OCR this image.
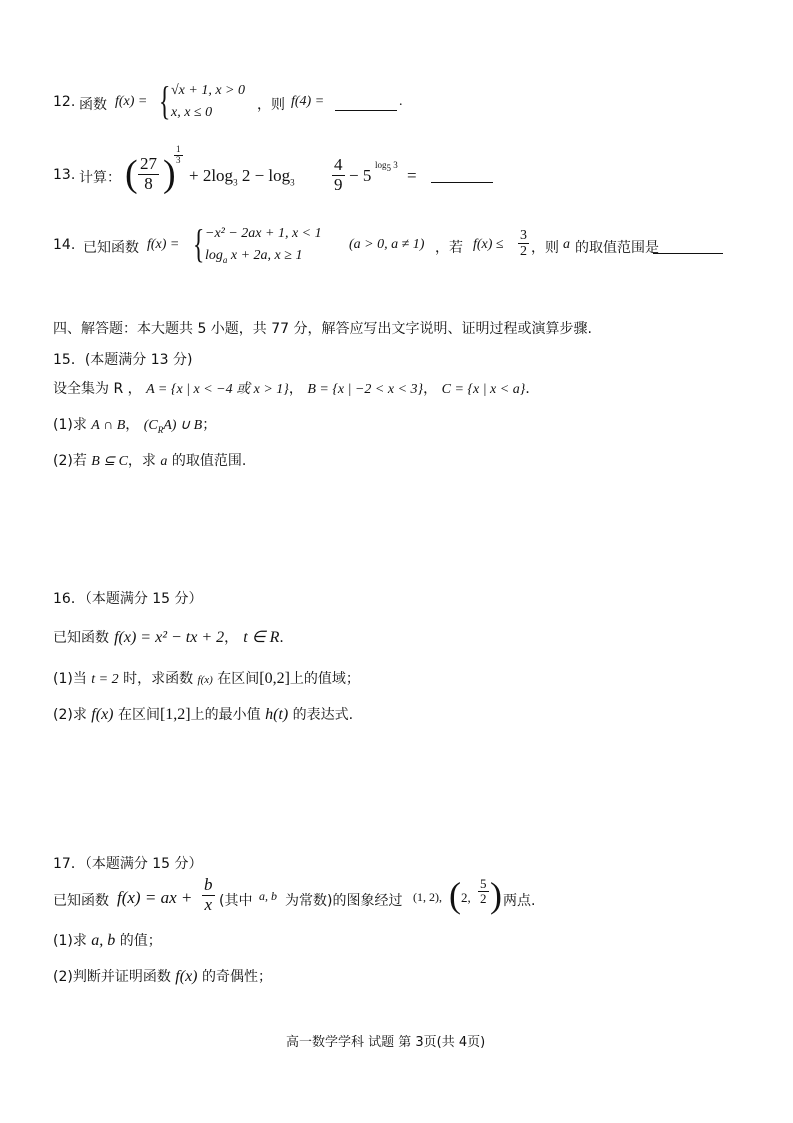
12. 函数 f(x) = { √x + 1, x > 0
x, x ≤ 0	，则 f(4) =	.
13. 计算： ( $\frac{27}{8}$ )
$\frac{1}{3}$
+ $2\log_3$ $2 - \log_3 \frac{4}{9} - 5$
$\log_5 3$
=
14. 已知函数 f(x) = { −x² − 2ax + 1, x < 1
$\log_a x + 2a$, x ≥ 1
(a > 0, a ≠ 1) ，若 $f(x) \le \frac{3}{2}$ ，则 a 的取值范围是
四、解答题：本大题共 5 小题，共 77 分，解答应写出文字说明、证明过程或演算步骤.
15．(本题满分 13 分)
设全集为 R ， A = {x | x < −4 或 x > 1}， B = {x | −2 < x < 3}， C = {x | x < a}．
(1)求 A ∩ B， $(C_RA)$ ∪ B；
(2)若 B ⊆ C，求 a 的取值范围.
16．（本题满分 15 分）
已知函数 f(x) = x² − tx + 2， t ∈ R．
(1)当 t = 2 时，求函数 f(x) 在区间[0,2]上的值域；
(2)求 f(x) 在区间[1,2]上的最小值 h(t) 的表达式.
17．（本题满分 15 分）
已知函数 f(x) = ax + $\frac{b}{x}$ (其中 a, b 为常数)的图象经过 (1, 2), ( 2, $\frac{5}{2}$ ) 两点.
(1)求 a, b 的值；
(2)判断并证明函数 f(x) 的奇偶性；
高一数学学科 试题 第 3页(共 4页)
